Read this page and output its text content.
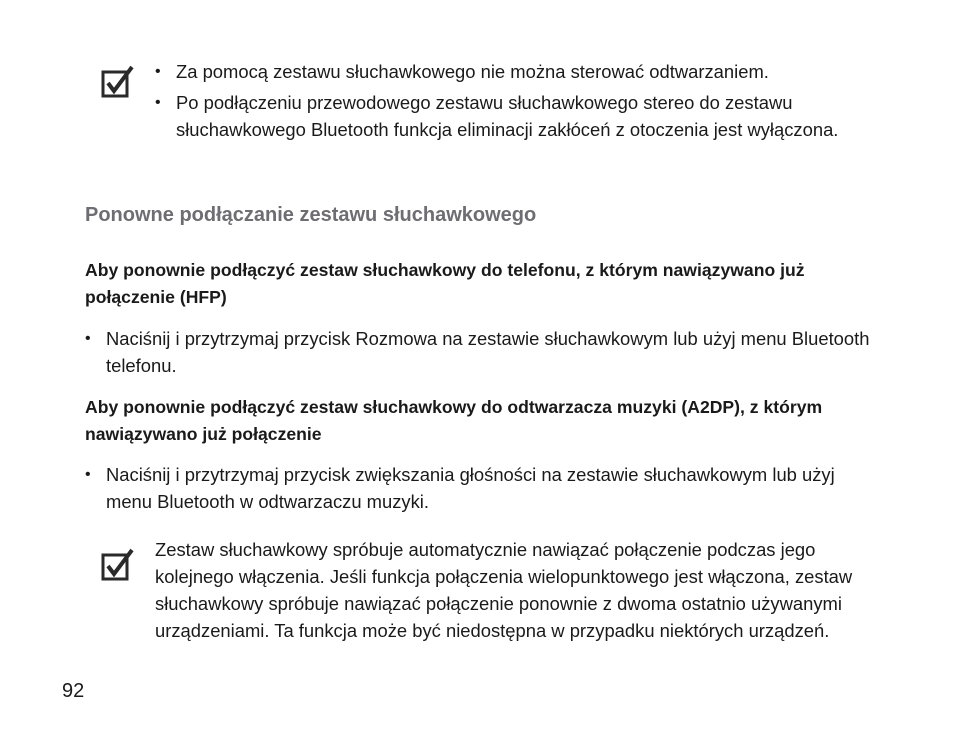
• Za pomocą zestawu słuchawkowego nie można sterować odtwarzaniem.
• Po podłączeniu przewodowego zestawu słuchawkowego stereo do zestawu słuchawkowego Bluetooth funkcja eliminacji zakłóceń z otoczenia jest wyłączona.
Ponowne podłączanie zestawu słuchawkowego

Aby ponownie podłączyć zestaw słuchawkowy do telefonu, z którym nawiązywano już połączenie (HFP)

• Naciśnij i przytrzymaj przycisk Rozmowa na zestawie słuchawkowym lub użyj menu Bluetooth telefonu.

Aby ponownie podłączyć zestaw słuchawkowy do odtwarzacza muzyki (A2DP), z którym nawiązywano już połączenie

• Naciśnij i przytrzymaj przycisk zwiększania głośności na zestawie słuchawkowym lub użyj menu Bluetooth w odtwarzaczu muzyki.

Zestaw słuchawkowy spróbuje automatycznie nawiązać połączenie podczas jego kolejnego włączenia. Jeśli funkcja połączenia wielopunktowego jest włączona, zestaw słuchawkowy spróbuje nawiązać połączenie ponownie z dwoma ostatnio używanymi urządzeniami. Ta funkcja może być niedostępna w przypadku niektórych urządzeń.

92
